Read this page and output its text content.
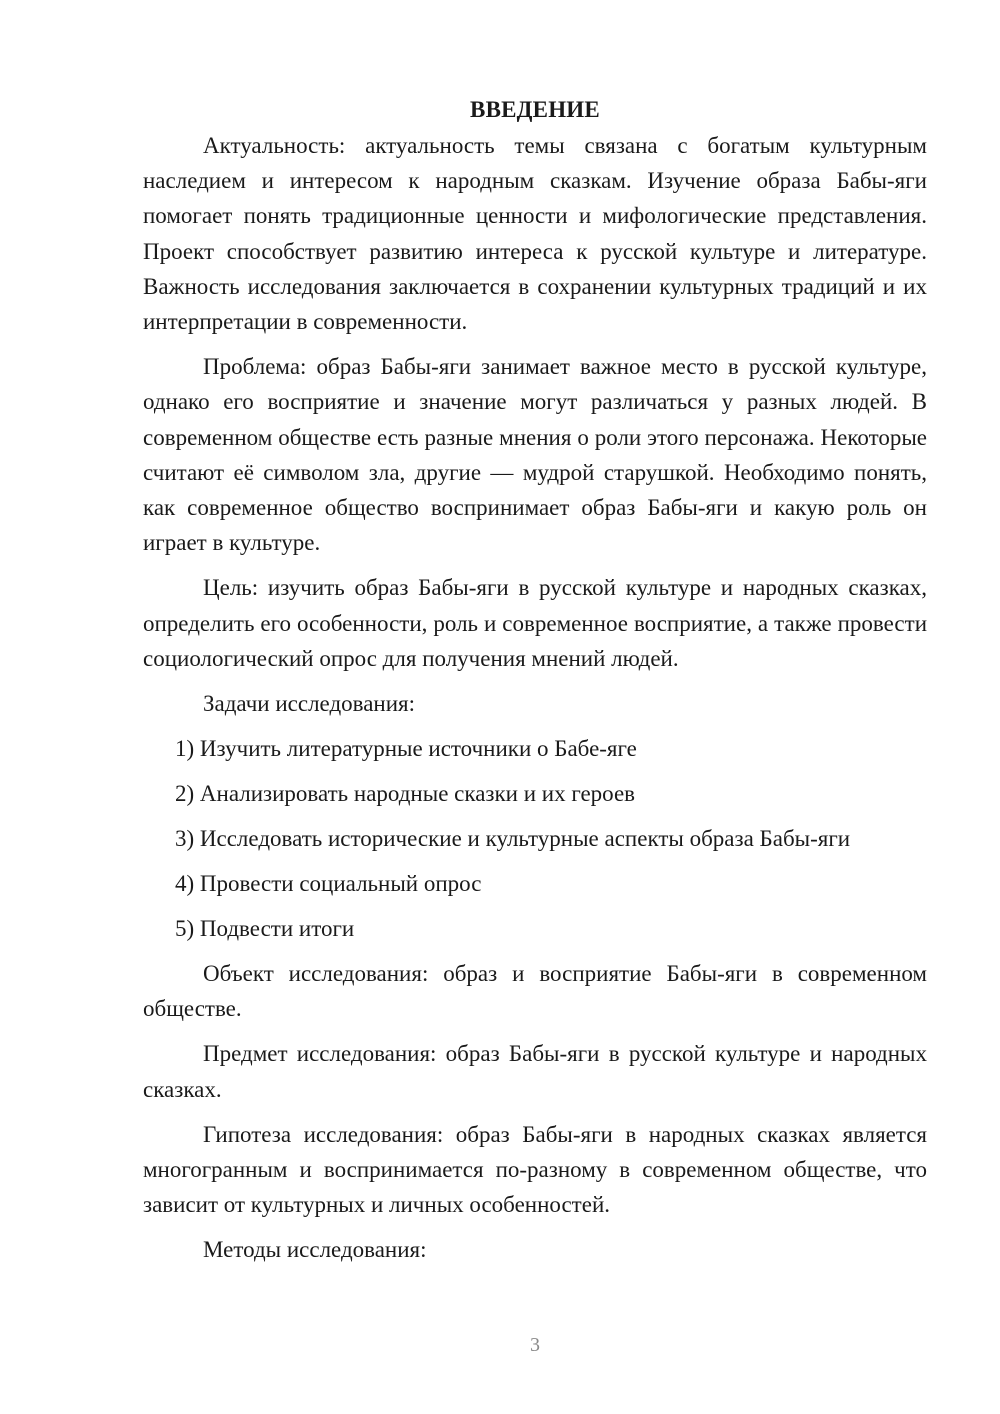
ВВЕДЕНИЕ

Актуальность: актуальность темы связана с богатым культурным наследием и интересом к народным сказкам. Изучение образа Бабы-яги помогает понять традиционные ценности и мифологические представления. Проект способствует развитию интереса к русской культуре и литературе. Важность исследования заключается в сохранении культурных традиций и их интерпретации в современности.

Проблема: образ Бабы-яги занимает важное место в русской культуре, однако его восприятие и значение могут различаться у разных людей. В современном обществе есть разные мнения о роли этого персонажа. Некоторые считают её символом зла, другие — мудрой старушкой. Необходимо понять, как современное общество воспринимает образ Бабы-яги и какую роль он играет в культуре.

Цель: изучить образ Бабы-яги в русской культуре и народных сказках, определить его особенности, роль и современное восприятие, а также провести социологический опрос для получения мнений людей.

Задачи исследования:

1) Изучить литературные источники о Бабе-яге
2) Анализировать народные сказки и их героев
3) Исследовать исторические и культурные аспекты образа Бабы-яги
4) Провести социальный опрос
5) Подвести итоги

Объект исследования: образ и восприятие Бабы-яги в современном обществе.

Предмет исследования: образ Бабы-яги в русской культуре и народных сказках.

Гипотеза исследования: образ Бабы-яги в народных сказках является многогранным и воспринимается по-разному в современном обществе, что зависит от культурных и личных особенностей.

Методы исследования:

3
